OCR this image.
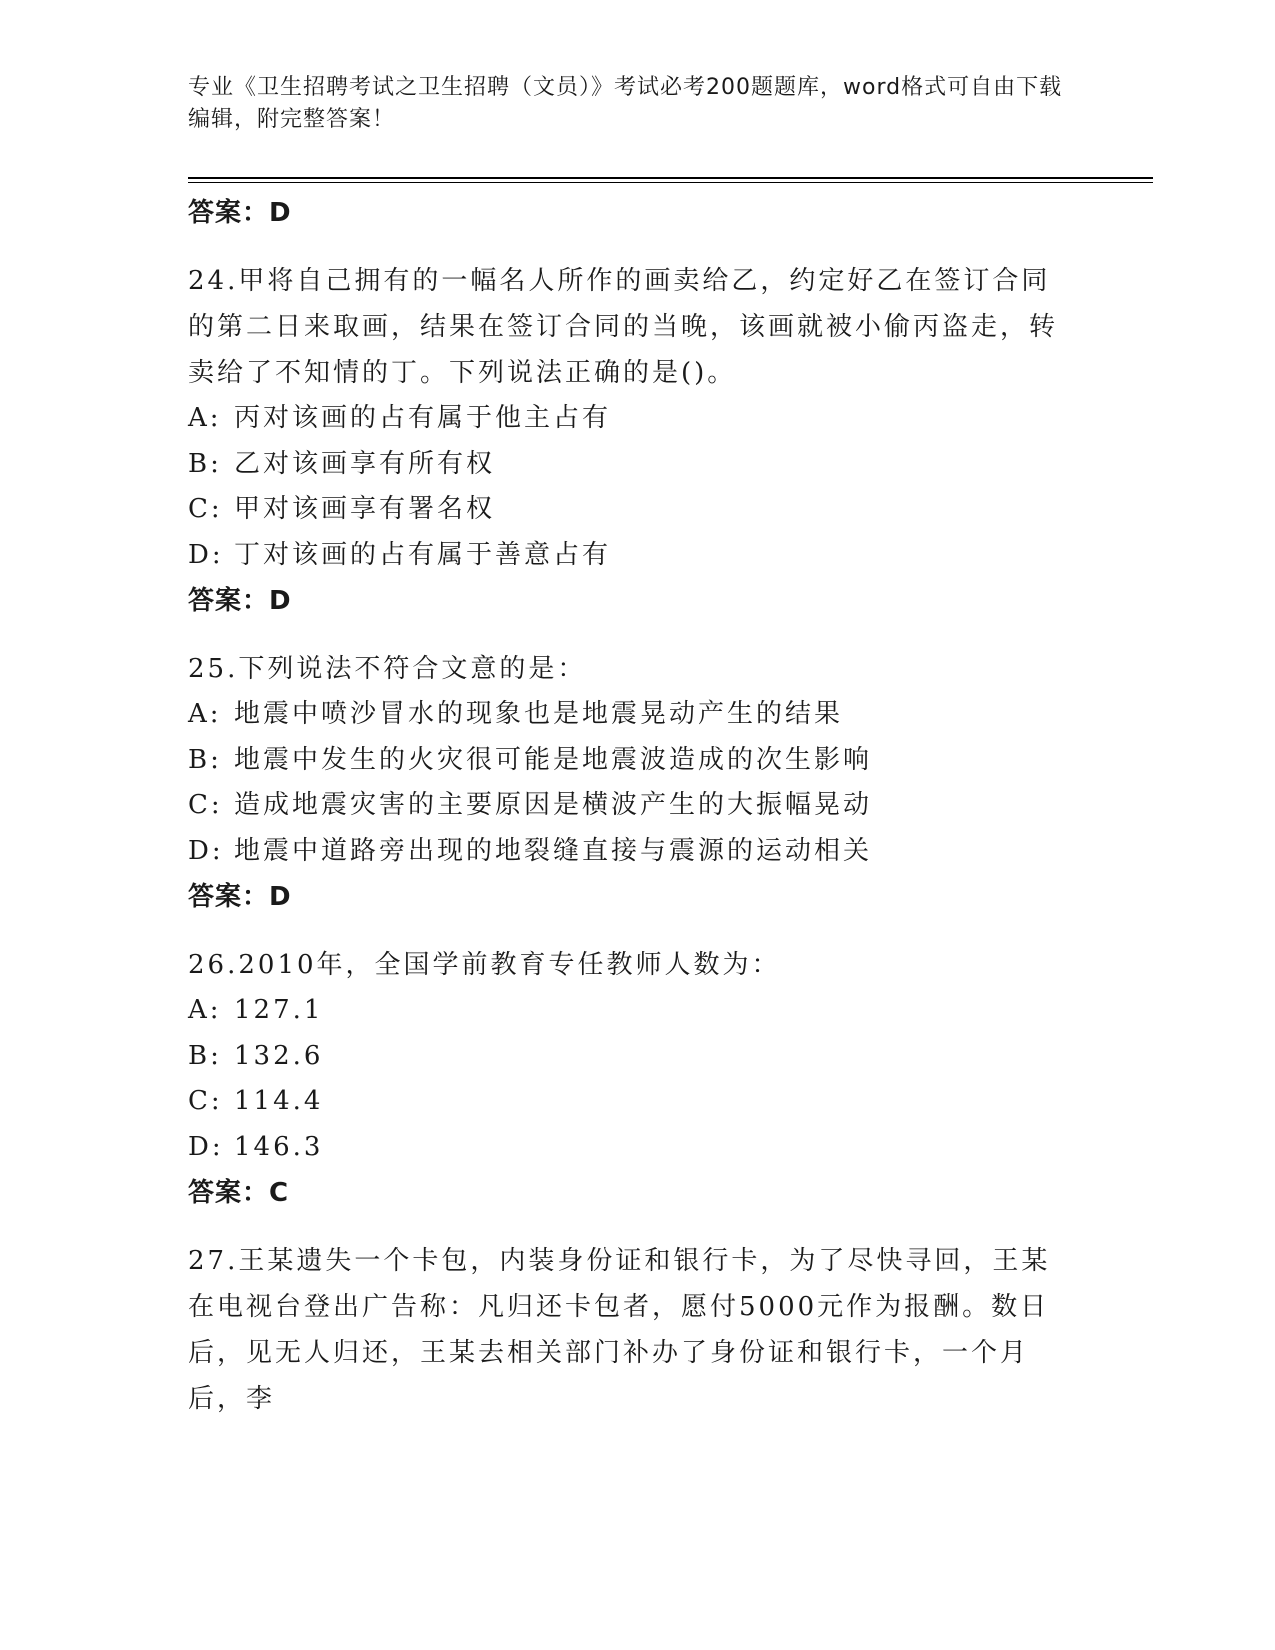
专业《卫生招聘考试之卫生招聘（文员）》考试必考200题题库，word格式可自由下载编辑，附完整答案！
答案：D
24.甲将自己拥有的一幅名人所作的画卖给乙，约定好乙在签订合同的第二日来取画，结果在签订合同的当晚，该画就被小偷丙盗走，转卖给了不知情的丁。下列说法正确的是()。
A: 丙对该画的占有属于他主占有
B: 乙对该画享有所有权
C: 甲对该画享有署名权
D: 丁对该画的占有属于善意占有
答案：D
25.下列说法不符合文意的是：
A: 地震中喷沙冒水的现象也是地震晃动产生的结果
B: 地震中发生的火灾很可能是地震波造成的次生影响
C: 造成地震灾害的主要原因是横波产生的大振幅晃动
D: 地震中道路旁出现的地裂缝直接与震源的运动相关
答案：D
26.2010年，全国学前教育专任教师人数为：
A: 127.1
B: 132.6
C: 114.4
D: 146.3
答案：C
27.王某遗失一个卡包，内装身份证和银行卡，为了尽快寻回，王某在电视台登出广告称：凡归还卡包者，愿付5000元作为报酬。数日后，见无人归还，王某去相关部门补办了身份证和银行卡，一个月后，李
